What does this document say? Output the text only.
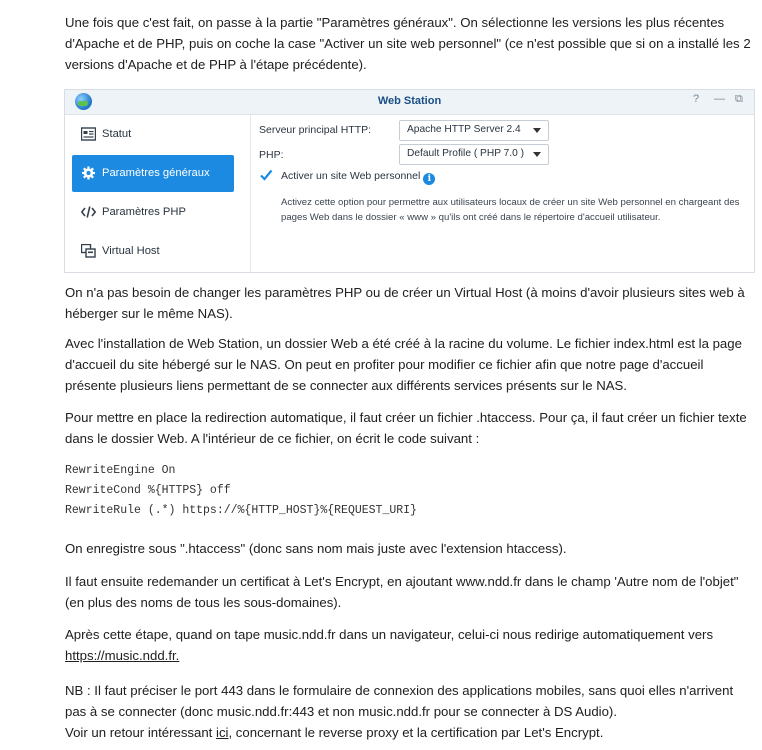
Une fois que c'est fait, on passe à la partie "Paramètres généraux". On sélectionne les versions les plus récentes d'Apache et de PHP, puis on coche la case "Activer un site web personnel" (ce n'est possible que si on a installé les 2 versions d'Apache et de PHP à l'étape précédente).

Web Station	? — ⧉
Statut
Paramètres généraux
Paramètres PHP
Virtual Host
Serveur principal HTTP:	Apache HTTP Server 2.4
PHP:	Default Profile ( PHP 7.0 )
Activer un site Web personnel i
Activez cette option pour permettre aux utilisateurs locaux de créer un site Web personnel en chargeant des pages Web dans le dossier « www » qu'ils ont créé dans le répertoire d'accueil utilisateur.

On n'a pas besoin de changer les paramètres PHP ou de créer un Virtual Host (à moins d'avoir plusieurs sites web à héberger sur le même NAS).

Avec l'installation de Web Station, un dossier Web a été créé à la racine du volume. Le fichier index.html est la page d'accueil du site hébergé sur le NAS. On peut en profiter pour modifier ce fichier afin que notre page d'accueil présente plusieurs liens permettant de se connecter aux différents services présents sur le NAS.

Pour mettre en place la redirection automatique, il faut créer un fichier .htaccess. Pour ça, il faut créer un fichier texte dans le dossier Web. A l'intérieur de ce fichier, on écrit le code suivant :

RewriteEngine On
RewriteCond %{HTTPS} off
RewriteRule (.*) https://%{HTTP_HOST}%{REQUEST_URI}

On enregistre sous ".htaccess" (donc sans nom mais juste avec l'extension htaccess).

Il faut ensuite redemander un certificat à Let's Encrypt, en ajoutant www.ndd.fr dans le champ 'Autre nom de l'objet" (en plus des noms de tous les sous-domaines).

Après cette étape, quand on tape music.ndd.fr dans un navigateur, celui-ci nous redirige automatiquement vers https://music.ndd.fr.

NB : Il faut préciser le port 443 dans le formulaire de connexion des applications mobiles, sans quoi elles n'arrivent pas à se connecter (donc music.ndd.fr:443 et non music.ndd.fr pour se connecter à DS Audio).
Voir un retour intéressant ici, concernant le reverse proxy et la certification par Let's Encrypt.
